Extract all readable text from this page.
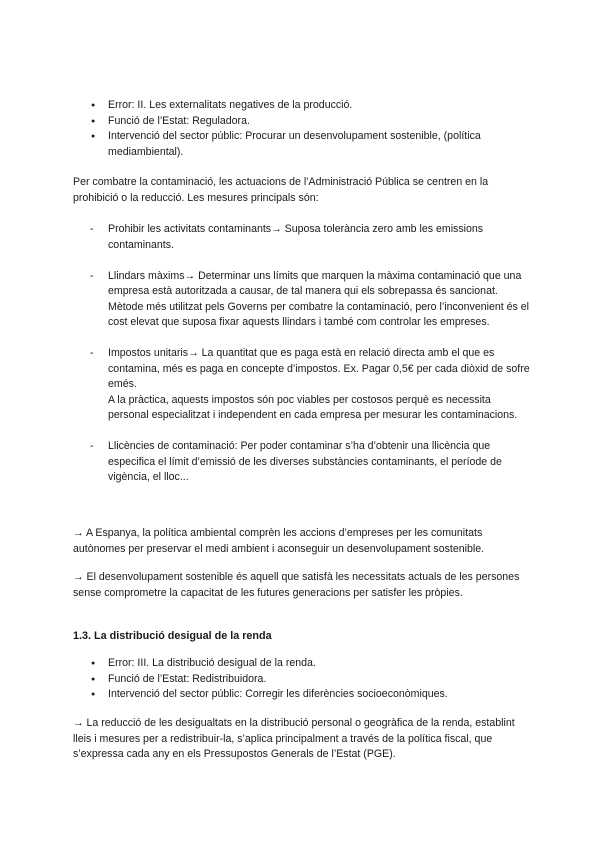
● Error: II. Les externalitats negatives de la producció.
● Funció de l’Estat: Reguladora.
● Intervenció del sector públic: Procurar un desenvolupament sostenible, (política mediambiental).

Per combatre la contaminació, les actuacions de l’Administració Pública se centren en la prohibició o la reducció. Les mesures principals són:

- Prohibir les activitats contaminants→ Suposa tolerància zero amb les emissions contaminants.
- Llindars màxims→ Determinar uns límits que marquen la màxima contaminació que una empresa està autoritzada a causar, de tal manera qui els sobrepassa és sancionat.
Mètode més utilitzat pels Governs per combatre la contaminació, pero l’inconvenient és el cost elevat que suposa fixar aquests llindars i també com controlar les empreses.
- Impostos unitaris→ La quantitat que es paga està en relació directa amb el que es contamina, més es paga en concepte d’impostos. Ex. Pagar 0,5€ per cada diòxid de sofre emés.
A la pràctica, aquests impostos són poc viables per costosos perquè es necessita personal especialitzat i independent en cada empresa per mesurar les contaminacions.
- Llicències de contaminació: Per poder contaminar s’ha d’obtenir una llicència que especifica el límit d’emissió de les diverses substàncies contaminants, el període de vigència, el lloc...

→ A Espanya, la política ambiental comprèn les accions d’empreses per les comunitats autònomes per preservar el medi ambient i aconseguir un desenvolupament sostenible.

→ El desenvolupament sostenible és aquell que satisfà les necessitats actuals de les persones sense comprometre la capacitat de les futures generacions per satisfer les pròpies.

1.3. La distribució desigual de la renda
● Error: III. La distribució desigual de la renda.
● Funció de l’Estat: Redistribuidora.
● Intervenció del sector públic: Corregir les diferències socioeconòmiques.

→ La reducció de les desigualtats en la distribució personal o geogràfica de la renda, establint lleis i mesures per a redistribuir-la, s’aplica principalment a través de la política fiscal, que s’expressa cada any en els Pressupostos Generals de l’Estat (PGE).
